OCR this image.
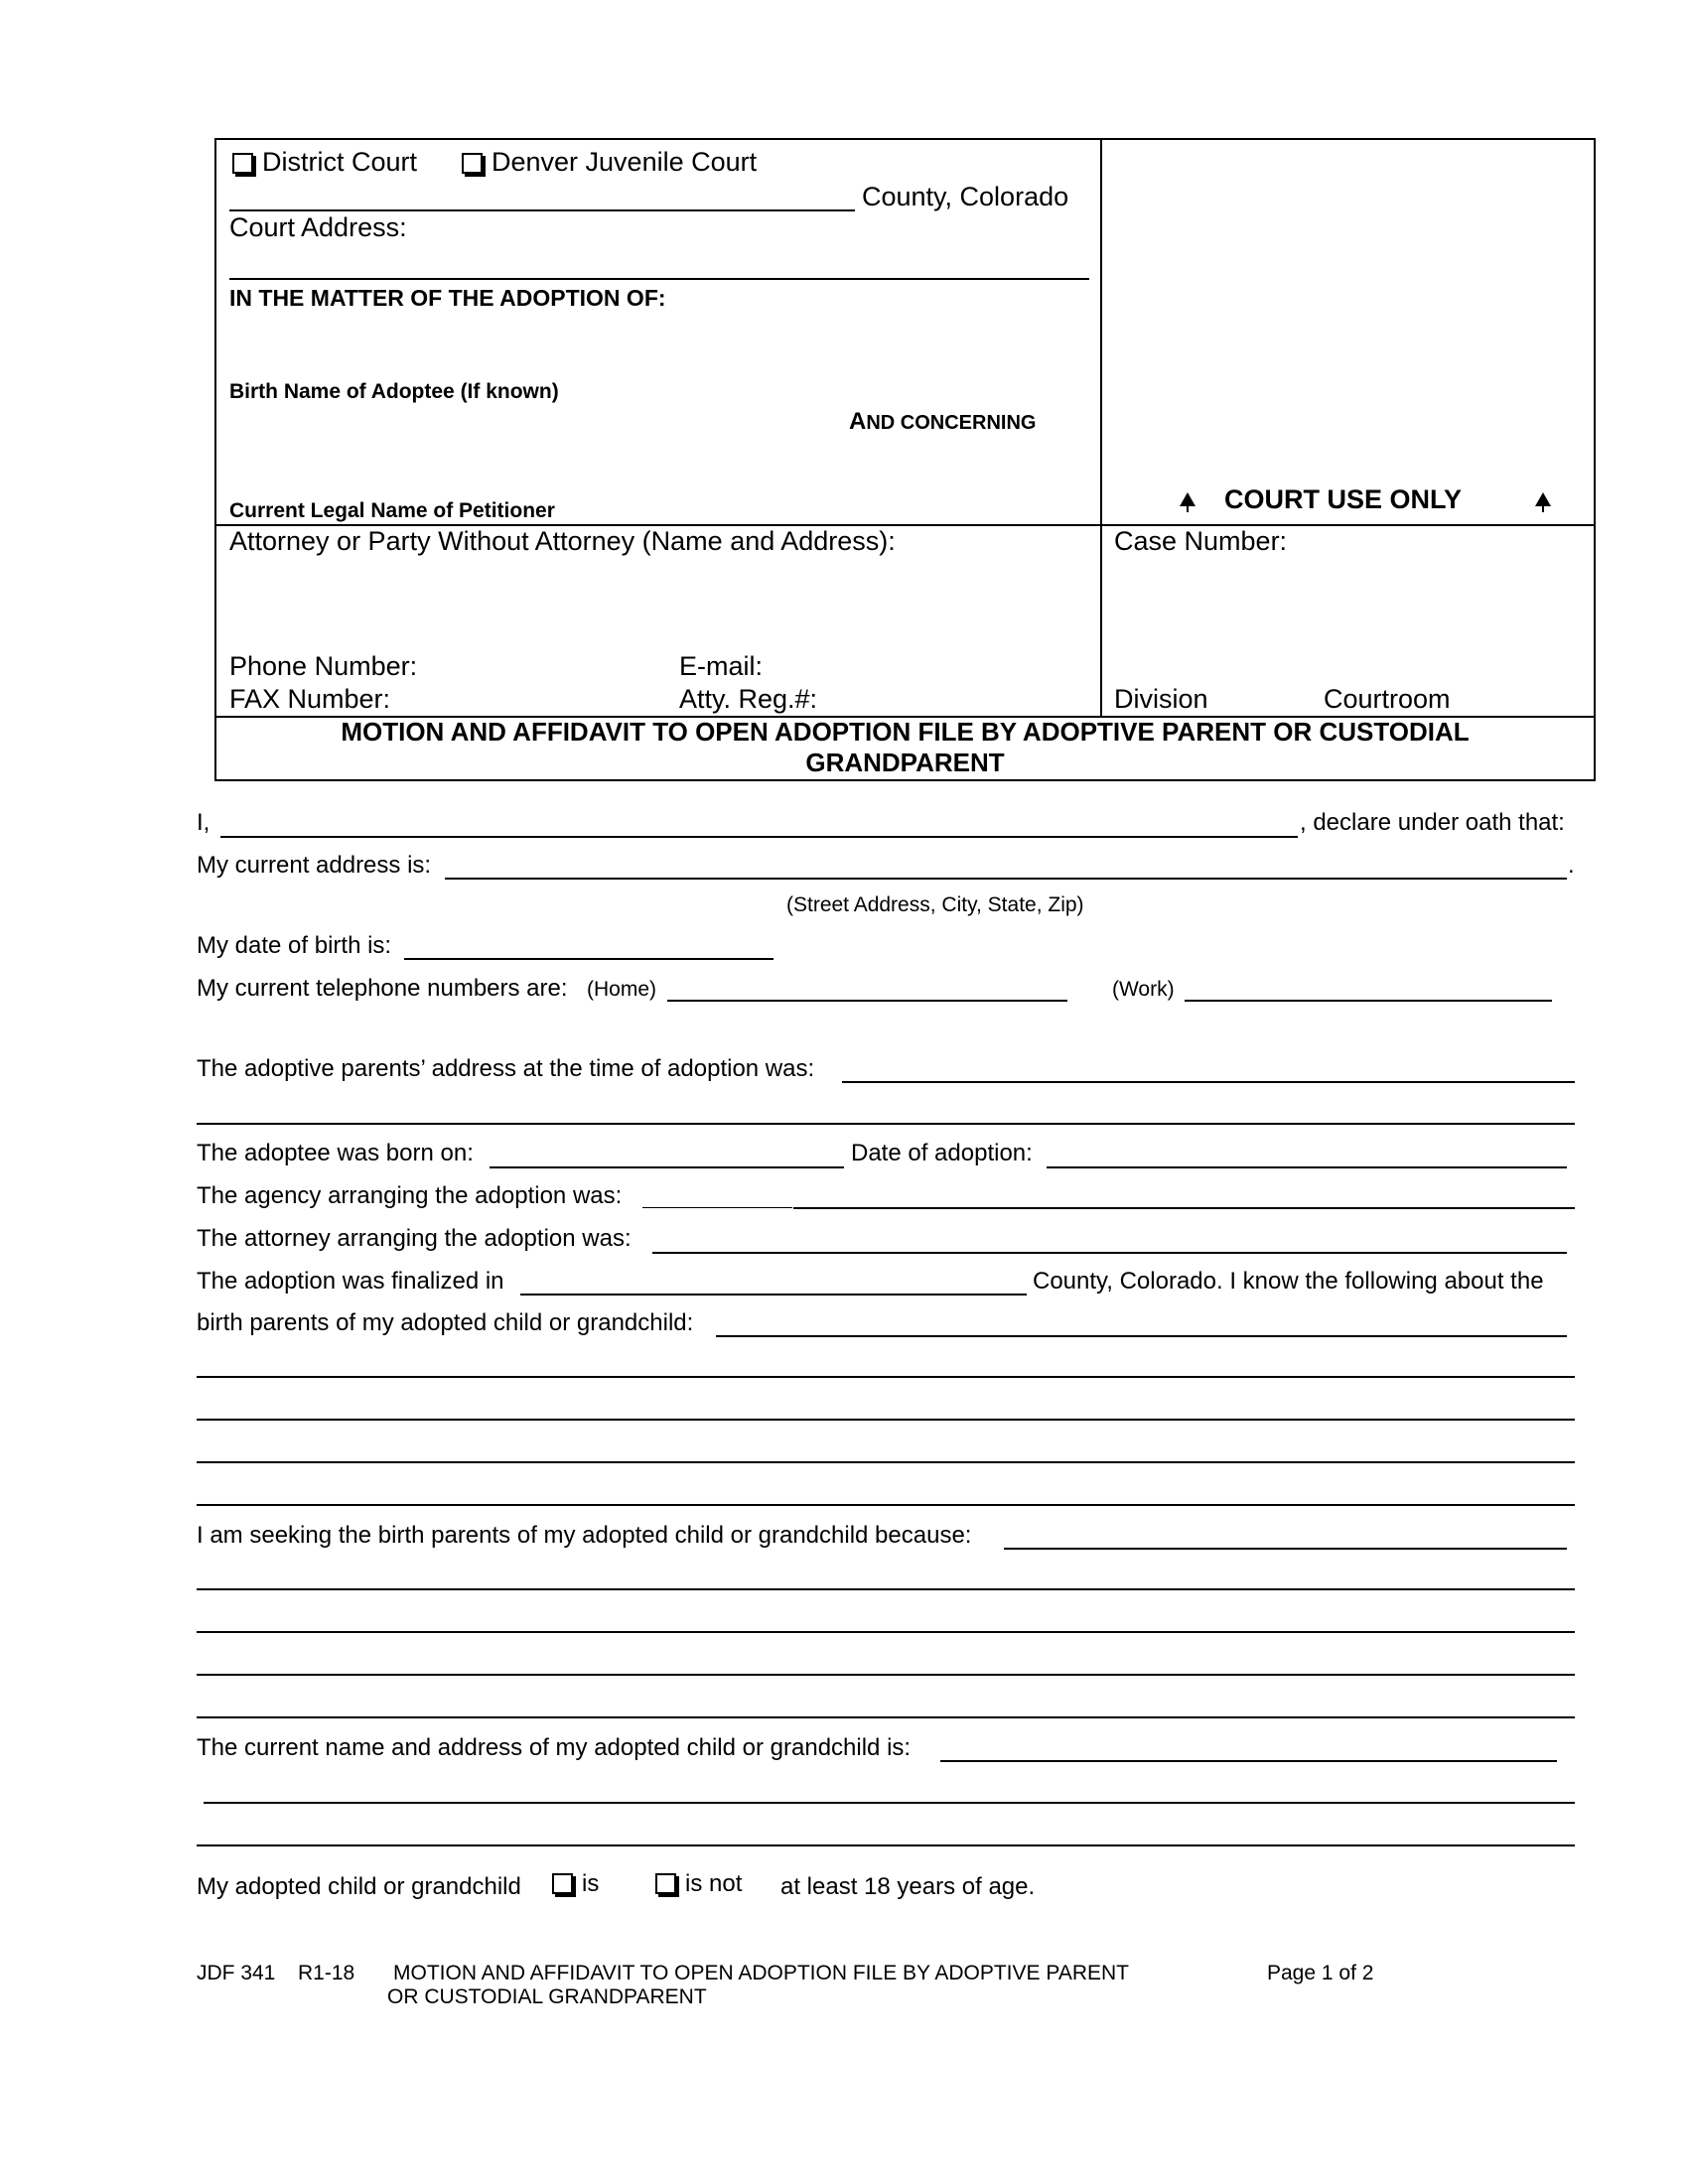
District Court	Denver Juvenile Court
County, Colorado
Court Address:
IN THE MATTER OF THE ADOPTION OF:
Birth Name of Adoptee (If known)
AND CONCERNING
Current Legal Name of Petitioner	COURT USE ONLY
Attorney or Party Without Attorney (Name and Address):
Phone Number:	E-mail:
FAX Number:	Atty. Reg.#:
Case Number:
Division	Courtroom
MOTION AND AFFIDAVIT TO OPEN ADOPTION FILE BY ADOPTIVE PARENT OR CUSTODIAL
GRANDPARENT
I,	, declare under oath that:
My current address is:	.
(Street Address, City, State, Zip)
My date of birth is:
My current telephone numbers are: (Home)	(Work)
The adoptive parents’ address at the time of adoption was:
The adoptee was born on:	Date of adoption:
The agency arranging the adoption was:
The attorney arranging the adoption was:
The adoption was finalized in	County, Colorado. I know the following about the
birth parents of my adopted child or grandchild:
I am seeking the birth parents of my adopted child or grandchild because:
The current name and address of my adopted child or grandchild is:
My adopted child or grandchild	is	is not at least 18 years of age.
JDF 341 R1-18 MOTION AND AFFIDAVIT TO OPEN ADOPTION FILE BY ADOPTIVE PARENT
OR CUSTODIAL GRANDPARENT
Page 1 of 2
